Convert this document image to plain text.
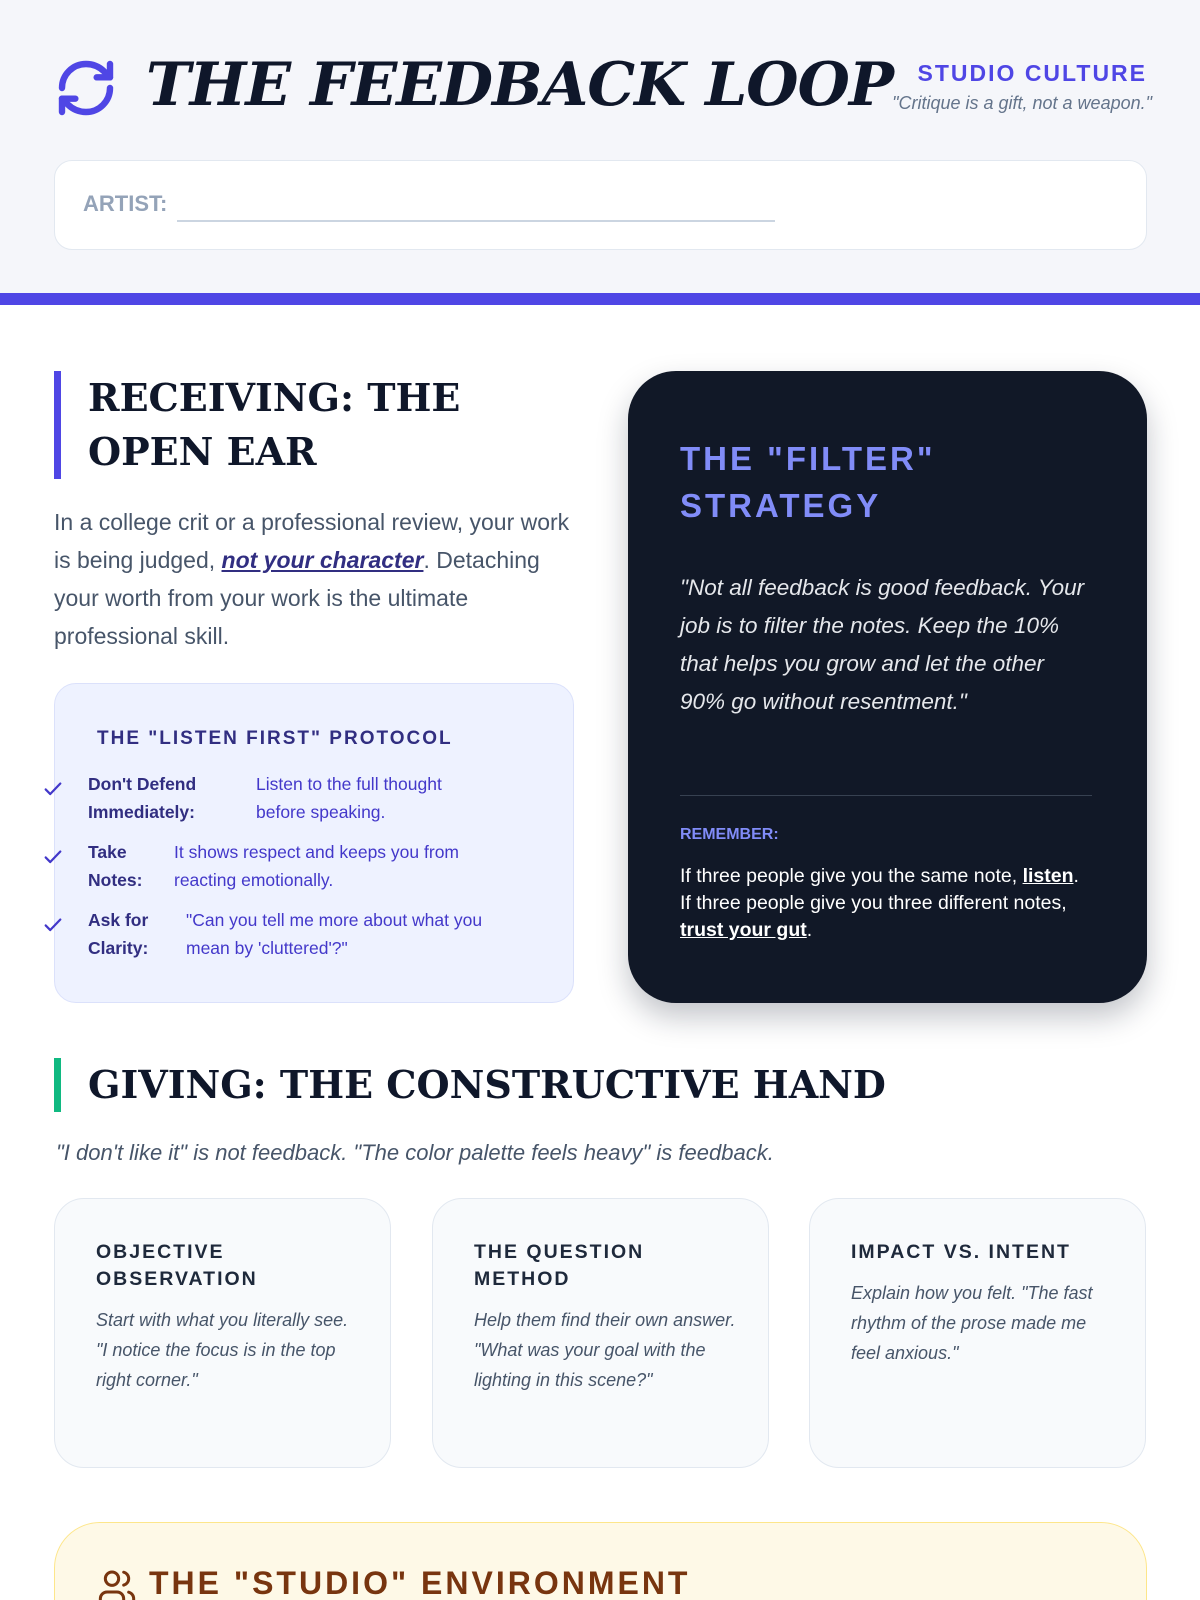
THE FEEDBACK LOOP STUDIO CULTURE
"Critique is a gift, not a weapon."
ARTIST:
RECEIVING: THE OPEN EAR

In a college crit or a professional review, your work is being judged, not your character. Detaching your worth from your work is the ultimate professional skill.

THE "LISTEN FIRST" PROTOCOL
Don't Defend Immediately:
Listen to the full thought before speaking.
Take Notes:
It shows respect and keeps you from reacting emotionally.
Ask for Clarity:
"Can you tell me more about what you mean by 'cluttered'?"
THE "FILTER" STRATEGY
"Not all feedback is good feedback. Your job is to filter the notes. Keep the 10% that helps you grow and let the other 90% go without resentment."
REMEMBER:
If three people give you the same note, listen. If three people give you three different notes, trust your gut.
GIVING: THE CONSTRUCTIVE HAND
"I don't like it" is not feedback. "The color palette feels heavy" is feedback.
OBJECTIVE OBSERVATION
Start with what you literally see. "I notice the focus is in the top right corner."
THE QUESTION METHOD
Help them find their own answer. "What was your goal with the lighting in this scene?"
IMPACT VS. INTENT
Explain how you felt. "The fast rhythm of the prose made me feel anxious."
THE "STUDIO" ENVIRONMENT
